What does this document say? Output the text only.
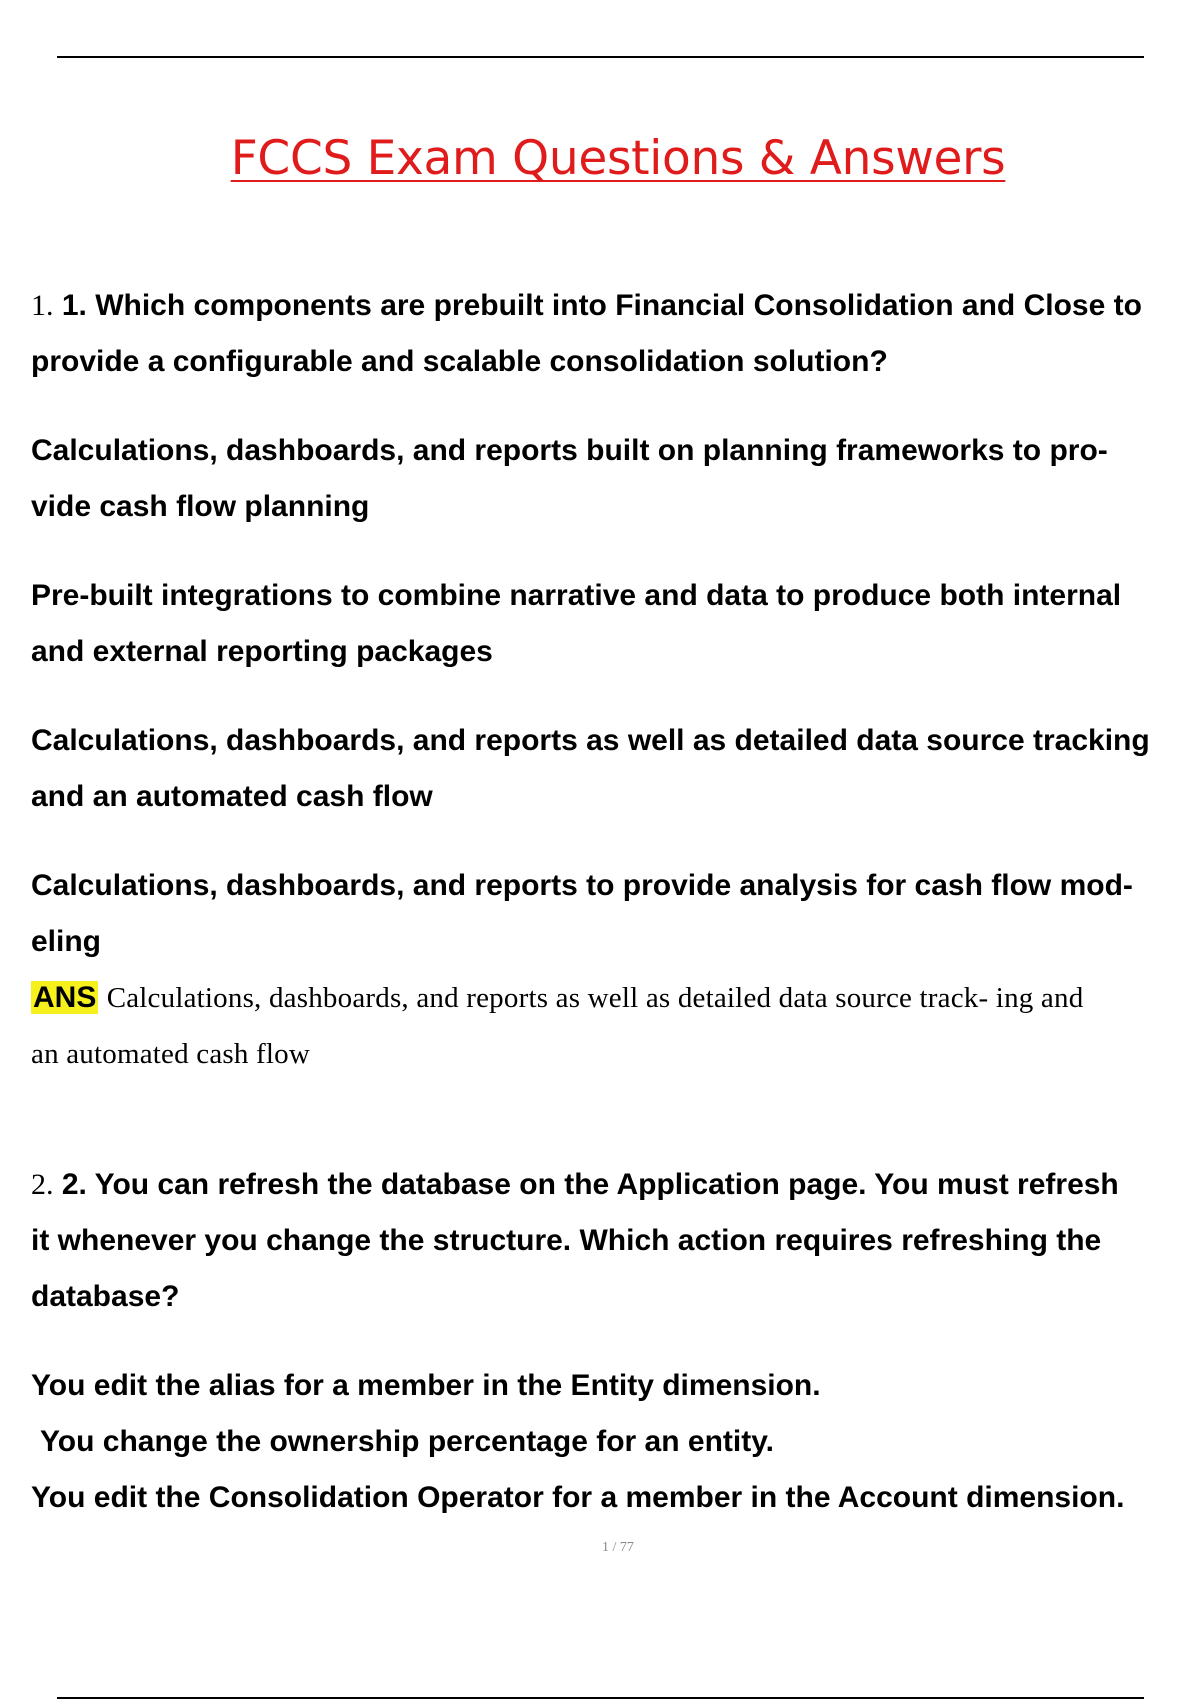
FCCS Exam Questions & Answers
1. 1. Which components are prebuilt into Financial Consolidation and Close to
provide a configurable and scalable consolidation solution?
Calculations, dashboards, and reports built on planning frameworks to pro-
vide cash flow planning
Pre-built integrations to combine narrative and data to produce both internal
and external reporting packages
Calculations, dashboards, and reports as well as detailed data source tracking
and an automated cash flow
Calculations, dashboards, and reports to provide analysis for cash flow mod-
eling
ANS Calculations, dashboards, and reports as well as detailed data source track- ing and
an automated cash flow
2. 2. You can refresh the database on the Application page. You must refresh
it whenever you change the structure. Which action requires refreshing the
database?
You edit the alias for a member in the Entity dimension.
You change the ownership percentage for an entity.
You edit the Consolidation Operator for a member in the Account dimension.
1 / 77
